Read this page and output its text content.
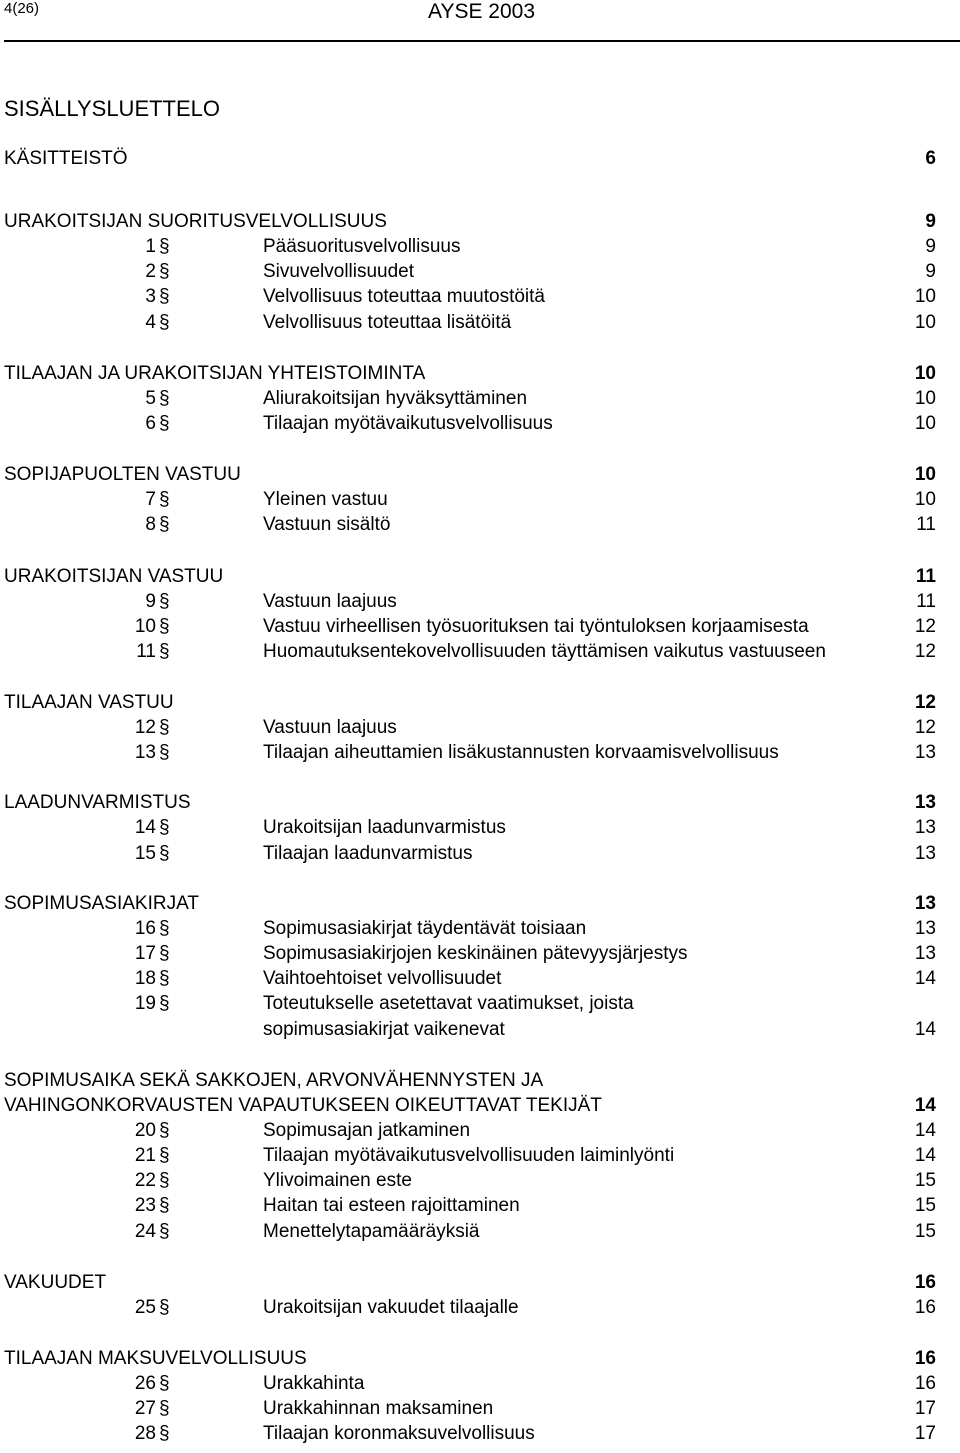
4(26)	AYSE 2003
SISÄLLYSLUETTELO
KÄSITTEISTÖ	6
URAKOITSIJAN SUORITUSVELVOLLISUUS	9
1 §	Pääsuoritusvelvollisuus	9
2 §	Sivuvelvollisuudet	9
3 §	Velvollisuus toteuttaa muutostöitä	10
4 §	Velvollisuus toteuttaa lisätöitä	10
TILAAJAN JA URAKOITSIJAN YHTEISTOIMINTA	10
5 §	Aliurakoitsijan hyväksyttäminen	10
6 §	Tilaajan myötävaikutusvelvollisuus	10
SOPIJAPUOLTEN VASTUU	10
7 §	Yleinen vastuu	10
8 §	Vastuun sisältö	11
URAKOITSIJAN VASTUU	11
9 §	Vastuun laajuus	11
10 §	Vastuu virheellisen työsuorituksen tai työntuloksen korjaamisesta	12
11 §	Huomautuksentekovelvollisuuden täyttämisen vaikutus vastuuseen	12
TILAAJAN VASTUU	12
12 §	Vastuun laajuus	12
13 §	Tilaajan aiheuttamien lisäkustannusten korvaamisvelvollisuus	13
LAADUNVARMISTUS	13
14 §	Urakoitsijan laadunvarmistus	13
15 §	Tilaajan laadunvarmistus	13
SOPIMUSASIAKIRJAT	13
16 §	Sopimusasiakirjat täydentävät toisiaan	13
17 §	Sopimusasiakirjojen keskinäinen pätevyysjärjestys	13
18 §	Vaihtoehtoiset velvollisuudet	14
19 §	Toteutukselle asetettavat vaatimukset, joista
sopimusasiakirjat vaikenevat	14
SOPIMUSAIKA SEKÄ SAKKOJEN, ARVONVÄHENNYSTEN JA
VAHINGONKORVAUSTEN VAPAUTUKSEEN OIKEUTTAVAT TEKIJÄT	14
20 §	Sopimusajan jatkaminen	14
21 §	Tilaajan myötävaikutusvelvollisuuden laiminlyönti	14
22 §	Ylivoimainen este	15
23 §	Haitan tai esteen rajoittaminen	15
24 §	Menettelytapamääräyksiä	15
VAKUUDET	16
25 §	Urakoitsijan vakuudet tilaajalle	16
TILAAJAN MAKSUVELVOLLISUUS	16
26 §	Urakkahinta	16
27 §	Urakkahinnan maksaminen	17
28 §	Tilaajan koronmaksuvelvollisuus	17
